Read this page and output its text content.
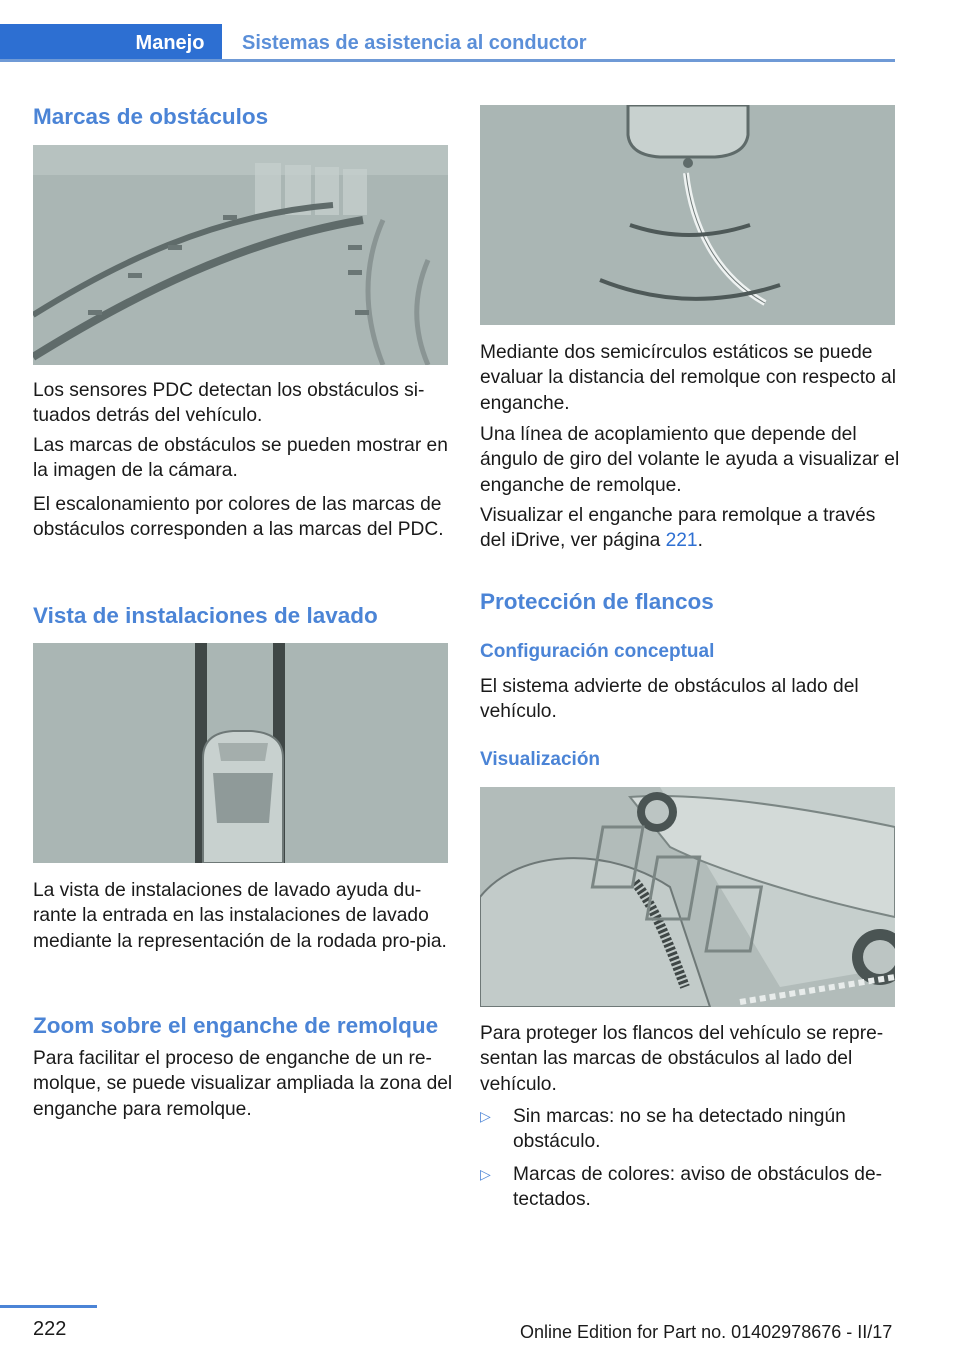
Manejo	Sistemas de asistencia al conductor
Marcas de obstáculos
Los sensores PDC detectan los obstáculos si-tuados detrás del vehículo.
Las marcas de obstáculos se pueden mostrar en la imagen de la cámara.
El escalonamiento por colores de las marcas de obstáculos corresponden a las marcas del PDC.
Vista de instalaciones de lavado
La vista de instalaciones de lavado ayuda du-rante la entrada en las instalaciones de lavado mediante la representación de la rodada pro-pia.
Zoom sobre el enganche de remolque
Para facilitar el proceso de enganche de un re-molque, se puede visualizar ampliada la zona del enganche para remolque.
Mediante dos semicírculos estáticos se puede evaluar la distancia del remolque con respecto al enganche.
Una línea de acoplamiento que depende del ángulo de giro del volante le ayuda a visualizar el enganche de remolque.
Visualizar el enganche para remolque a través del iDrive, ver página 221.
Protección de flancos
Configuración conceptual
El sistema advierte de obstáculos al lado del vehículo.
Visualización
Para proteger los flancos del vehículo se repre-sentan las marcas de obstáculos al lado del vehículo.
▷ Sin marcas: no se ha detectado ningún obstáculo.
▷ Marcas de colores: aviso de obstáculos de-tectados.
222	Online Edition for Part no. 01402978676 - II/17
